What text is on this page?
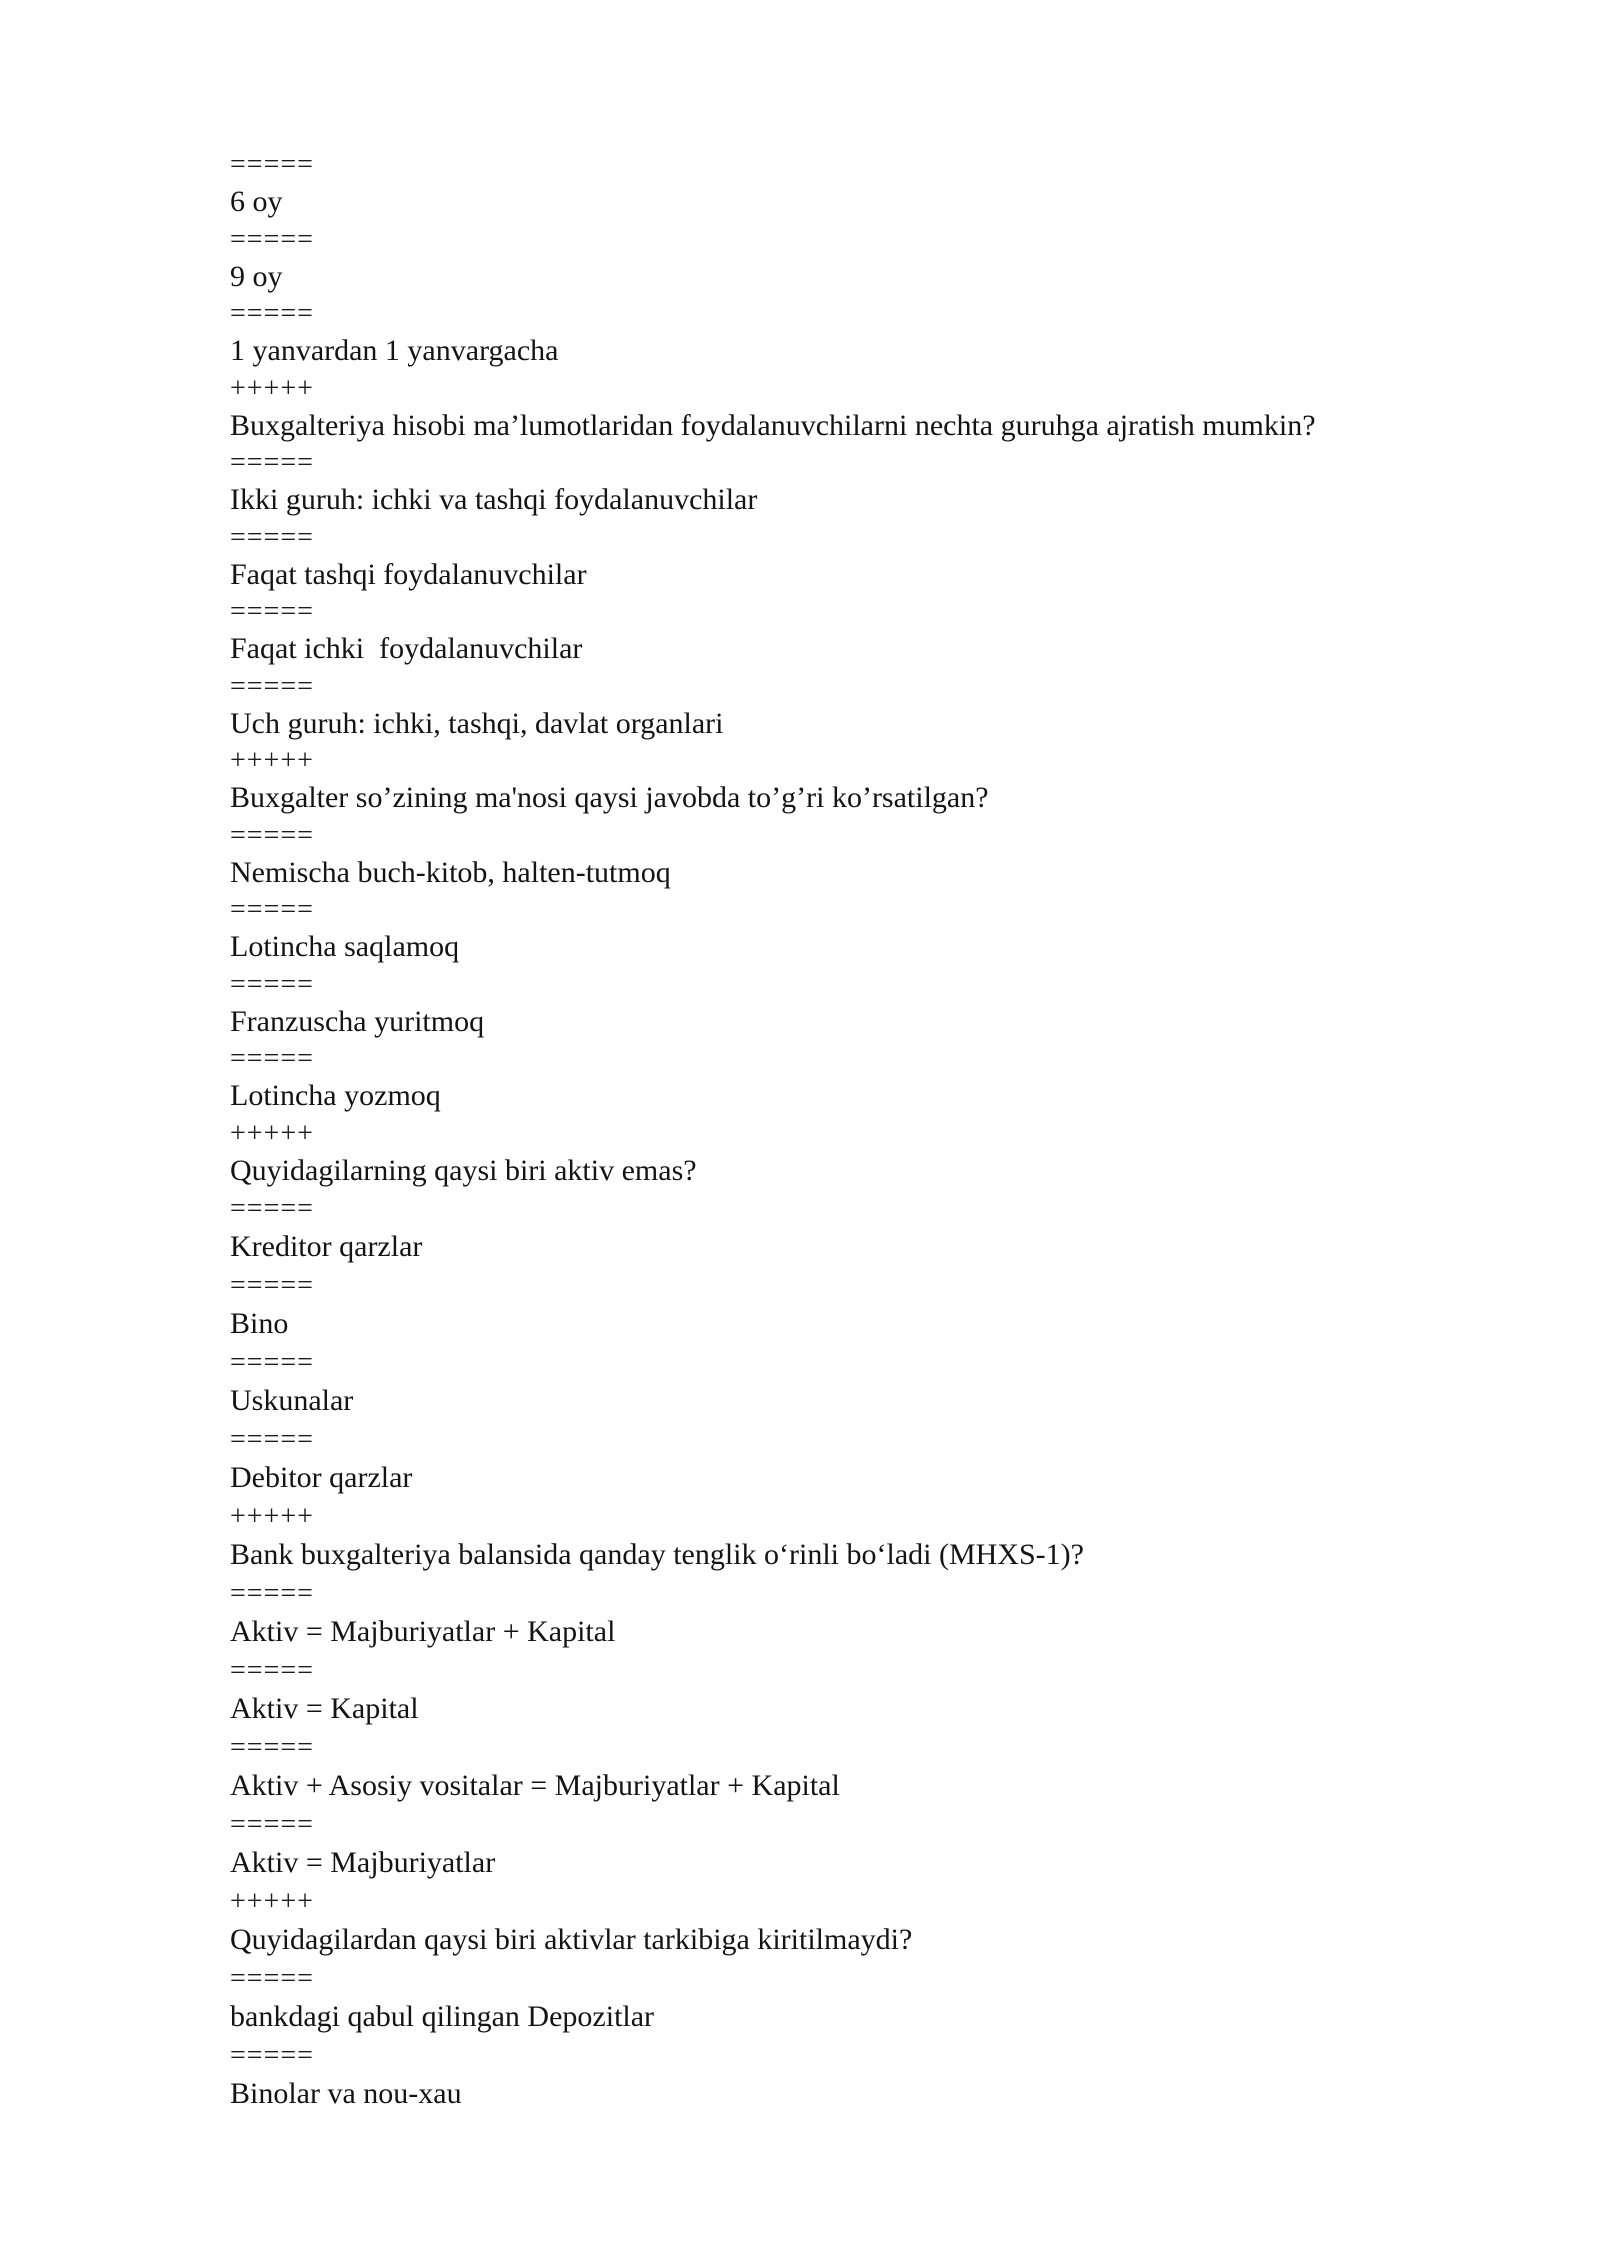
=====
6 oy
=====
9 oy
=====
1 yanvardan 1 yanvargacha
+++++
Buxgalteriya hisobi ma’lumotlaridan foydalanuvchilarni nechta guruhga ajratish mumkin?
=====
Ikki guruh: ichki va tashqi foydalanuvchilar
=====
Faqat tashqi foydalanuvchilar
=====
Faqat ichki  foydalanuvchilar
=====
Uch guruh: ichki, tashqi, davlat organlari
+++++
Buxgalter so’zining ma'nosi qaysi javobda to’g’ri ko’rsatilgan?
=====
Nemischa buch-kitob, halten-tutmoq
=====
Lotincha saqlamoq
=====
Franzuscha yuritmoq
=====
Lotincha yozmoq
+++++
Quyidagilarning qaysi biri aktiv emas?
=====
Kreditor qarzlar
=====
Bino
=====
Uskunalar
=====
Debitor qarzlar
+++++
Bank buxgalteriya balansida qanday tenglik o‘rinli bo‘ladi (MHXS-1)?
=====
Aktiv = Majburiyatlar + Kapital
=====
Aktiv = Kapital
=====
Aktiv + Asosiy vositalar = Majburiyatlar + Kapital
=====
Aktiv = Majburiyatlar
+++++
Quyidagilardan qaysi biri aktivlar tarkibiga kiritilmaydi?
=====
bankdagi qabul qilingan Depozitlar
=====
Binolar va nou-xau
